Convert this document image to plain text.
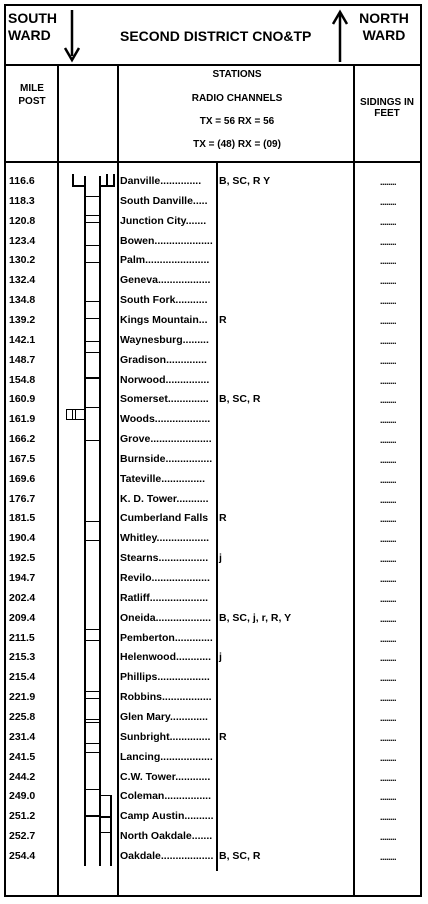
SOUTH
WARD	SECOND DISTRICT CNO&TP
NORTH
WARD
MILE
POST
STATIONS
RADIO CHANNELS
TX = 56 RX = 56
TX = (48) RX = (09)
SIDINGS IN
FEET
116.6	Danville..............	B, SC, R Y	........
118.3	South Danville.....	........
120.8	Junction City.......	........
123.4	Bowen....................	........
130.2	Palm......................	........
132.4	Geneva..................	........
134.8	South Fork...........	........
139.2	Kings Mountain...	R	........
142.1	Waynesburg.........	........
148.7	Gradison..............	........
154.8	Norwood...............	........
160.9	Somerset.............. B, SC, R	........
161.9	Woods...................	........
166.2	Grove.....................	........
167.5	Burnside................	........
169.6	Tateville...............	........
176.7	K. D. Tower...........	........
181.5	Cumberland Falls	R	........
190.4	Whitley..................	........
192.5	Stearns.................	j	........
194.7	Revilo....................	........
202.4	Ratliff....................	........
209.4	Oneida................... B, SC, j, r, R, Y	........
211.5	Pemberton.............	........
215.3	Helenwood............ j	........
215.4	Phillips..................	........
221.9	Robbins.................	........
225.8	Glen Mary.............	........
231.4	Sunbright.............. R	........
241.5	Lancing..................	........
244.2	C.W. Tower............	........
249.0	Coleman................	........
251.2	Camp Austin..........	........
252.7	North Oakdale.......	........
254.4	Oakdale.................. B, SC, R	........
